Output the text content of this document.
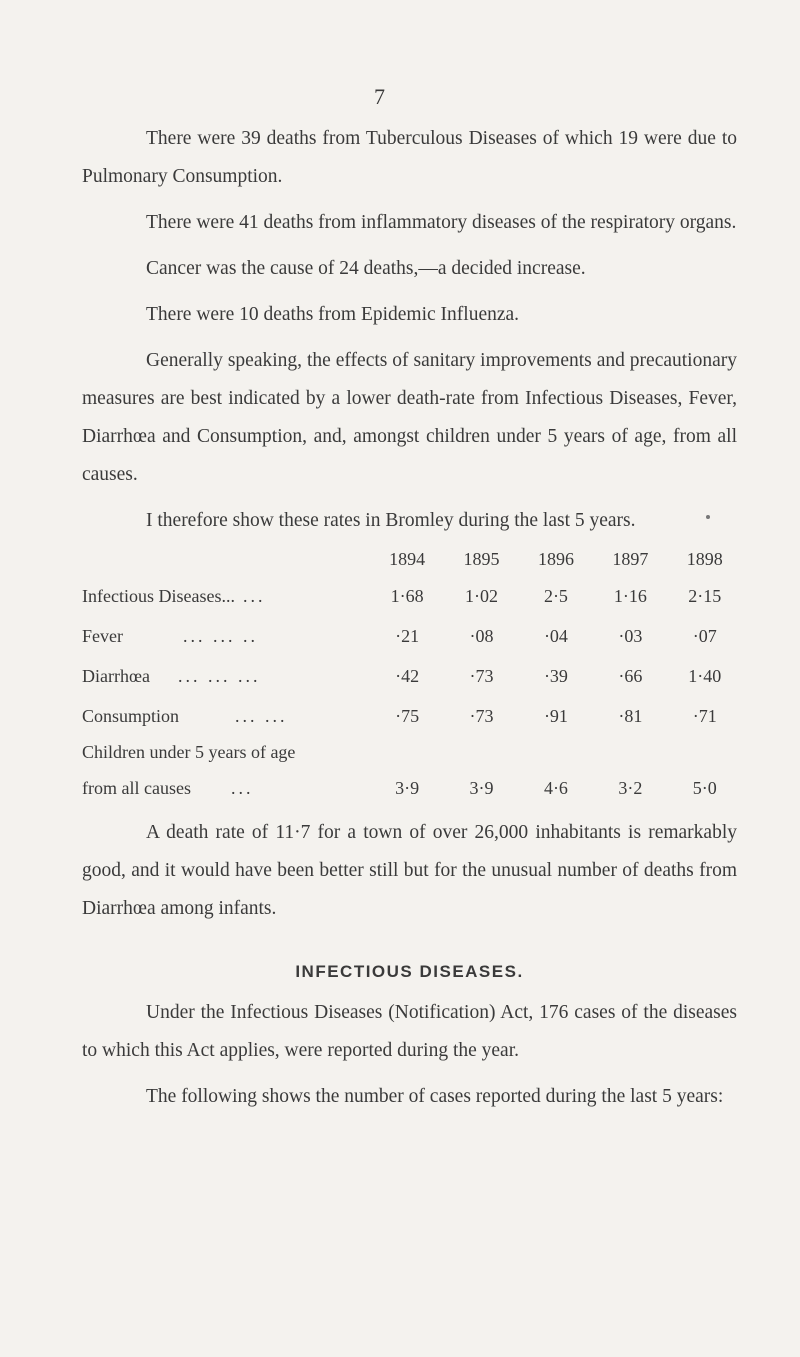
7

There were 39 deaths from Tuberculous Diseases of which 19 were due to Pulmonary Consumption.

There were 41 deaths from inflammatory diseases of the respiratory organs.

Cancer was the cause of 24 deaths,—a decided increase.

There were 10 deaths from Epidemic Influenza.

Generally speaking, the effects of sanitary improvements and precautionary measures are best indicated by a lower death-rate from Infectious Diseases, Fever, Diarrhœa and Consumption, and, amongst children under 5 years of age, from all causes.

I therefore show these rates in Bromley during the last 5 years.

	1894	1895	1896	1897	1898
Infectious Diseases... ...	1·68	1·02	2·5	1·16	2·15
Fever ... ... ..	·21	·08	·04	·03	·07
Diarrhœa ... ... ...	·42	·73	·39	·66	1·40
Consumption ... ...	·75	·73	·91	·81	·71
Children under 5 years of age					
from all causes ...	3·9	3·9	4·6	3·2	5·0

A death rate of 11·7 for a town of over 26,000 inhabitants is remarkably good, and it would have been better still but for the unusual number of deaths from Diarrhœa among infants.

INFECTIOUS DISEASES.

Under the Infectious Diseases (Notification) Act, 176 cases of the diseases to which this Act applies, were reported during the year.

The following shows the number of cases reported during the last 5 years:
